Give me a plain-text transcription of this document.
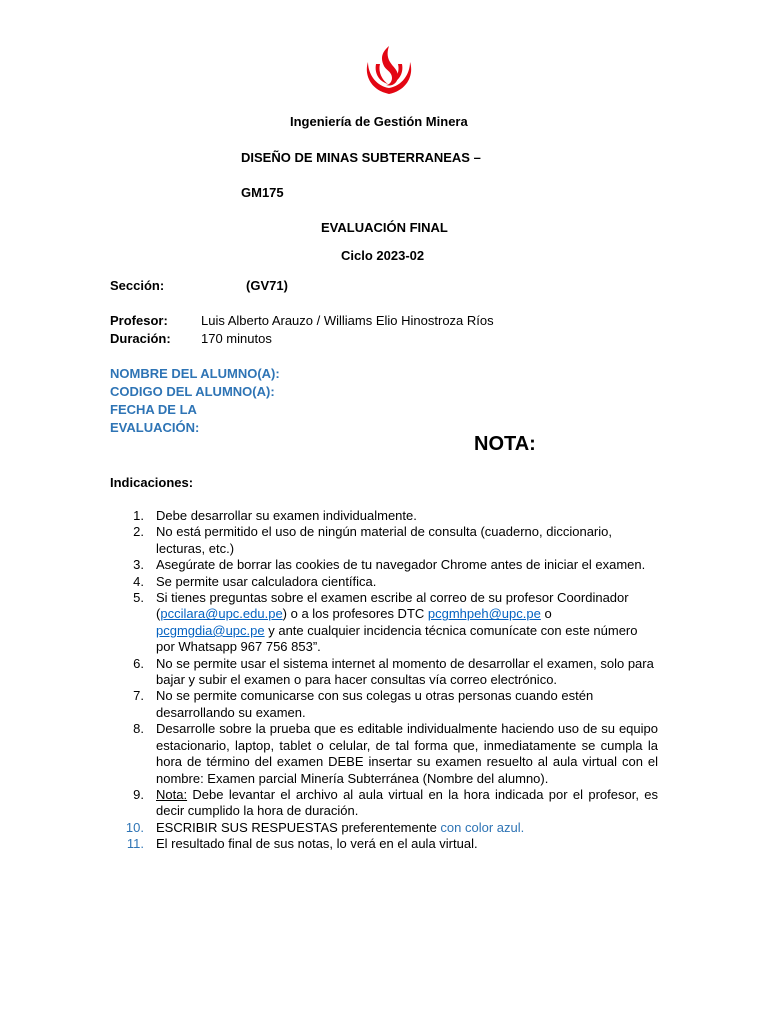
Ingeniería de Gestión Minera
DISEÑO DE MINAS SUBTERRANEAS –
GM175
EVALUACIÓN FINAL
Ciclo 2023-02
Sección:	(GV71)
Profesor:	Luis Alberto Arauzo / Williams Elio Hinostroza Ríos
Duración: 170 minutos
NOMBRE DEL ALUMNO(A):
CODIGO DEL ALUMNO(A):
FECHA DE LA
EVALUACIÓN:
NOTA:
Indicaciones:
1. Debe desarrollar su examen individualmente.
2. No está permitido el uso de ningún material de consulta (cuaderno, diccionario, lecturas, etc.)
3. Asegúrate de borrar las cookies de tu navegador Chrome antes de iniciar el examen.
4. Se permite usar calculadora científica.
5. Si tienes preguntas sobre el examen escribe al correo de su profesor Coordinador (pccilara@upc.edu.pe) o a los profesores DTC pcgmhpeh@upc.pe o
pcgmgdia@upc.pe y ante cualquier incidencia técnica comunícate con este número por Whatsapp 967 756 853”.
6. No se permite usar el sistema internet al momento de desarrollar el examen, solo para bajar y subir el examen o para hacer consultas vía correo electrónico.
7. No se permite comunicarse con sus colegas u otras personas cuando estén desarrollando su examen.
8. Desarrolle sobre la prueba que es editable individualmente haciendo uso de su equipo estacionario, laptop, tablet o celular, de tal forma que, inmediatamente se cumpla la hora de término del examen DEBE insertar su examen resuelto al aula virtual con el nombre: Examen parcial Minería Subterránea (Nombre del alumno).
9. Nota: Debe levantar el archivo al aula virtual en la hora indicada por el profesor, es decir cumplido la hora de duración.
10. ESCRIBIR SUS RESPUESTAS preferentemente con color azul.
11. El resultado final de sus notas, lo verá en el aula virtual.
